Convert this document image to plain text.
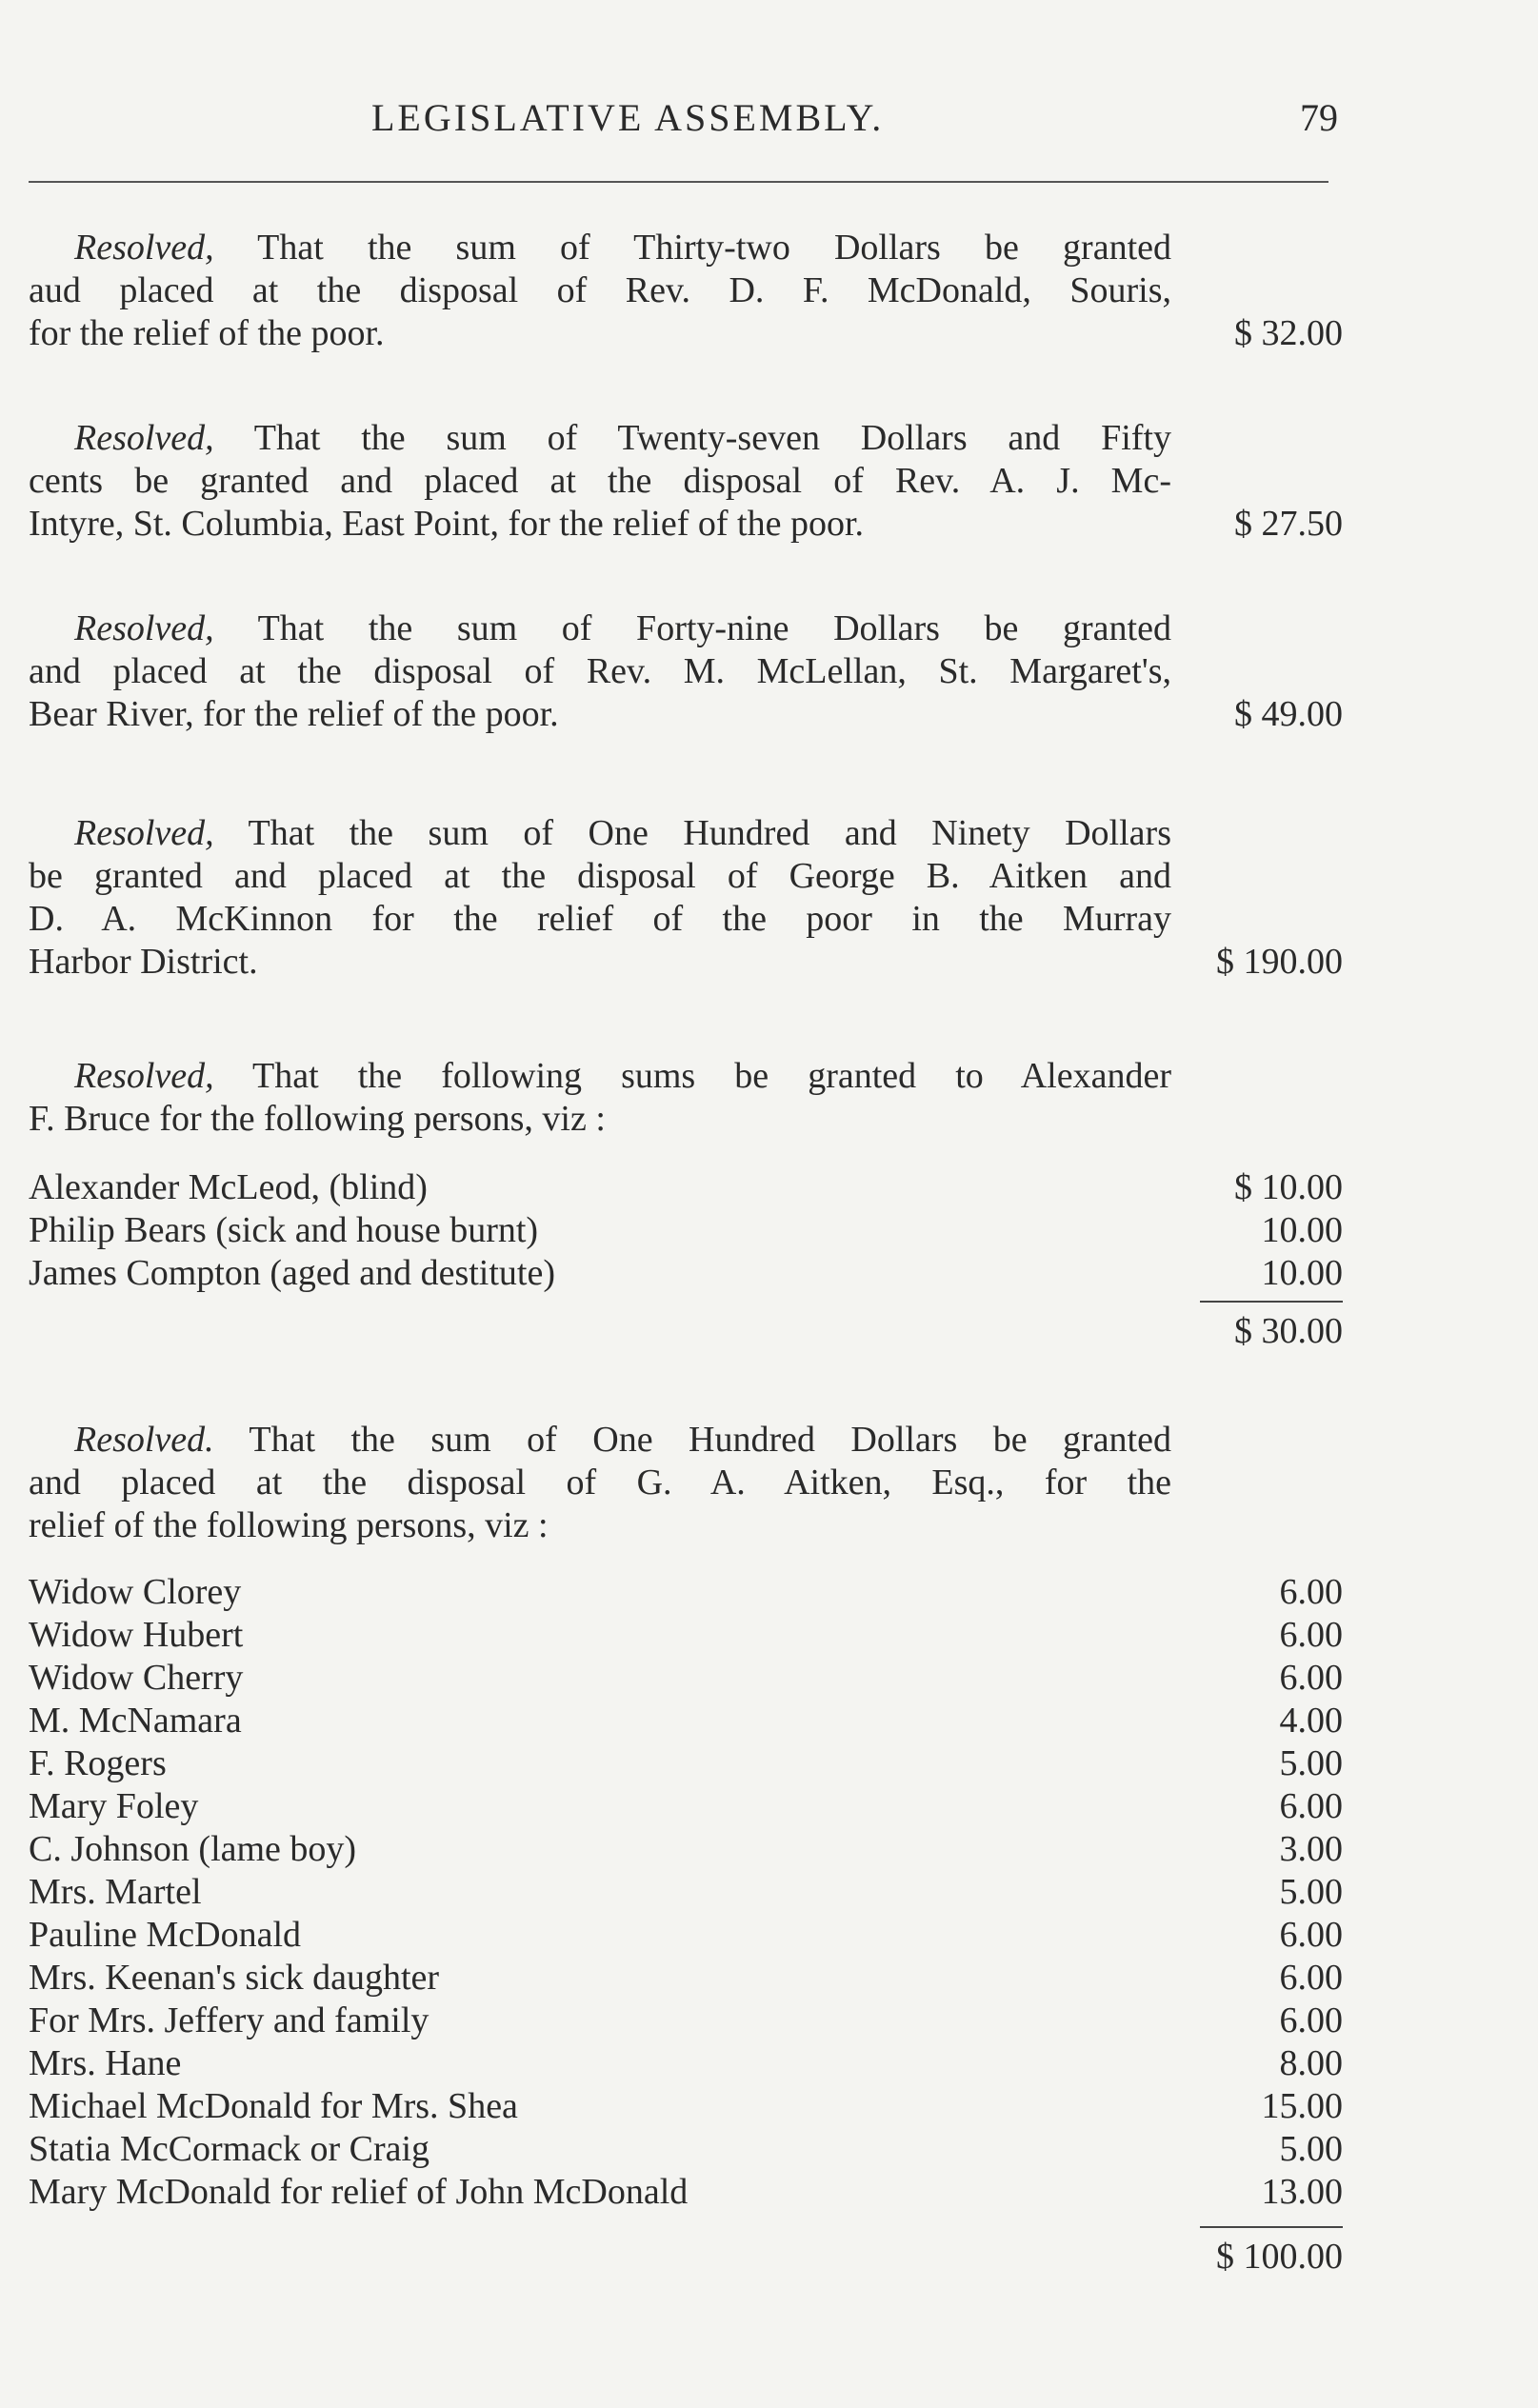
LEGISLATIVE ASSEMBLY.	79
Resolved, That the sum of Thirty-two Dollars be granted
aud placed at the disposal of Rev. D. F. McDonald, Souris,
for the relief of the poor.	$ 32.00
Resolved, That the sum of Twenty-seven Dollars and Fifty
cents be granted and placed at the disposal of Rev. A. J. Mc-
Intyre, St. Columbia, East Point, for the relief of the poor.	$ 27.50
Resolved, That the sum of Forty-nine Dollars be granted
and placed at the disposal of Rev. M. McLellan, St. Margaret's,
Bear River, for the relief of the poor.	$ 49.00
Resolved, That the sum of One Hundred and Ninety Dollars
be granted and placed at the disposal of George B. Aitken and
D. A. McKinnon for the relief of the poor in the Murray
Harbor District.	$ 190.00
Resolved, That the following sums be granted to Alexander
F. Bruce for the following persons, viz :
Alexander McLeod, (blind)	$ 10.00
Philip Bears (sick and house burnt)	10.00
James Compton (aged and destitute)	10.00
$ 30.00
Resolved. That the sum of One Hundred Dollars be granted
and placed at the disposal of G. A. Aitken, Esq., for the
relief of the following persons, viz :
Widow Clorey	6.00
Widow Hubert	6.00
Widow Cherry	6.00
M. McNamara	4.00
F. Rogers	5.00
Mary Foley	6.00
C. Johnson (lame boy)	3.00
Mrs. Martel	5.00
Pauline McDonald	6.00
Mrs. Keenan's sick daughter	6.00
For Mrs. Jeffery and family	6.00
Mrs. Hane	8.00
Michael McDonald for Mrs. Shea	15.00
Statia McCormack or Craig	5.00
Mary McDonald for relief of John McDonald	13.00
$ 100.00
